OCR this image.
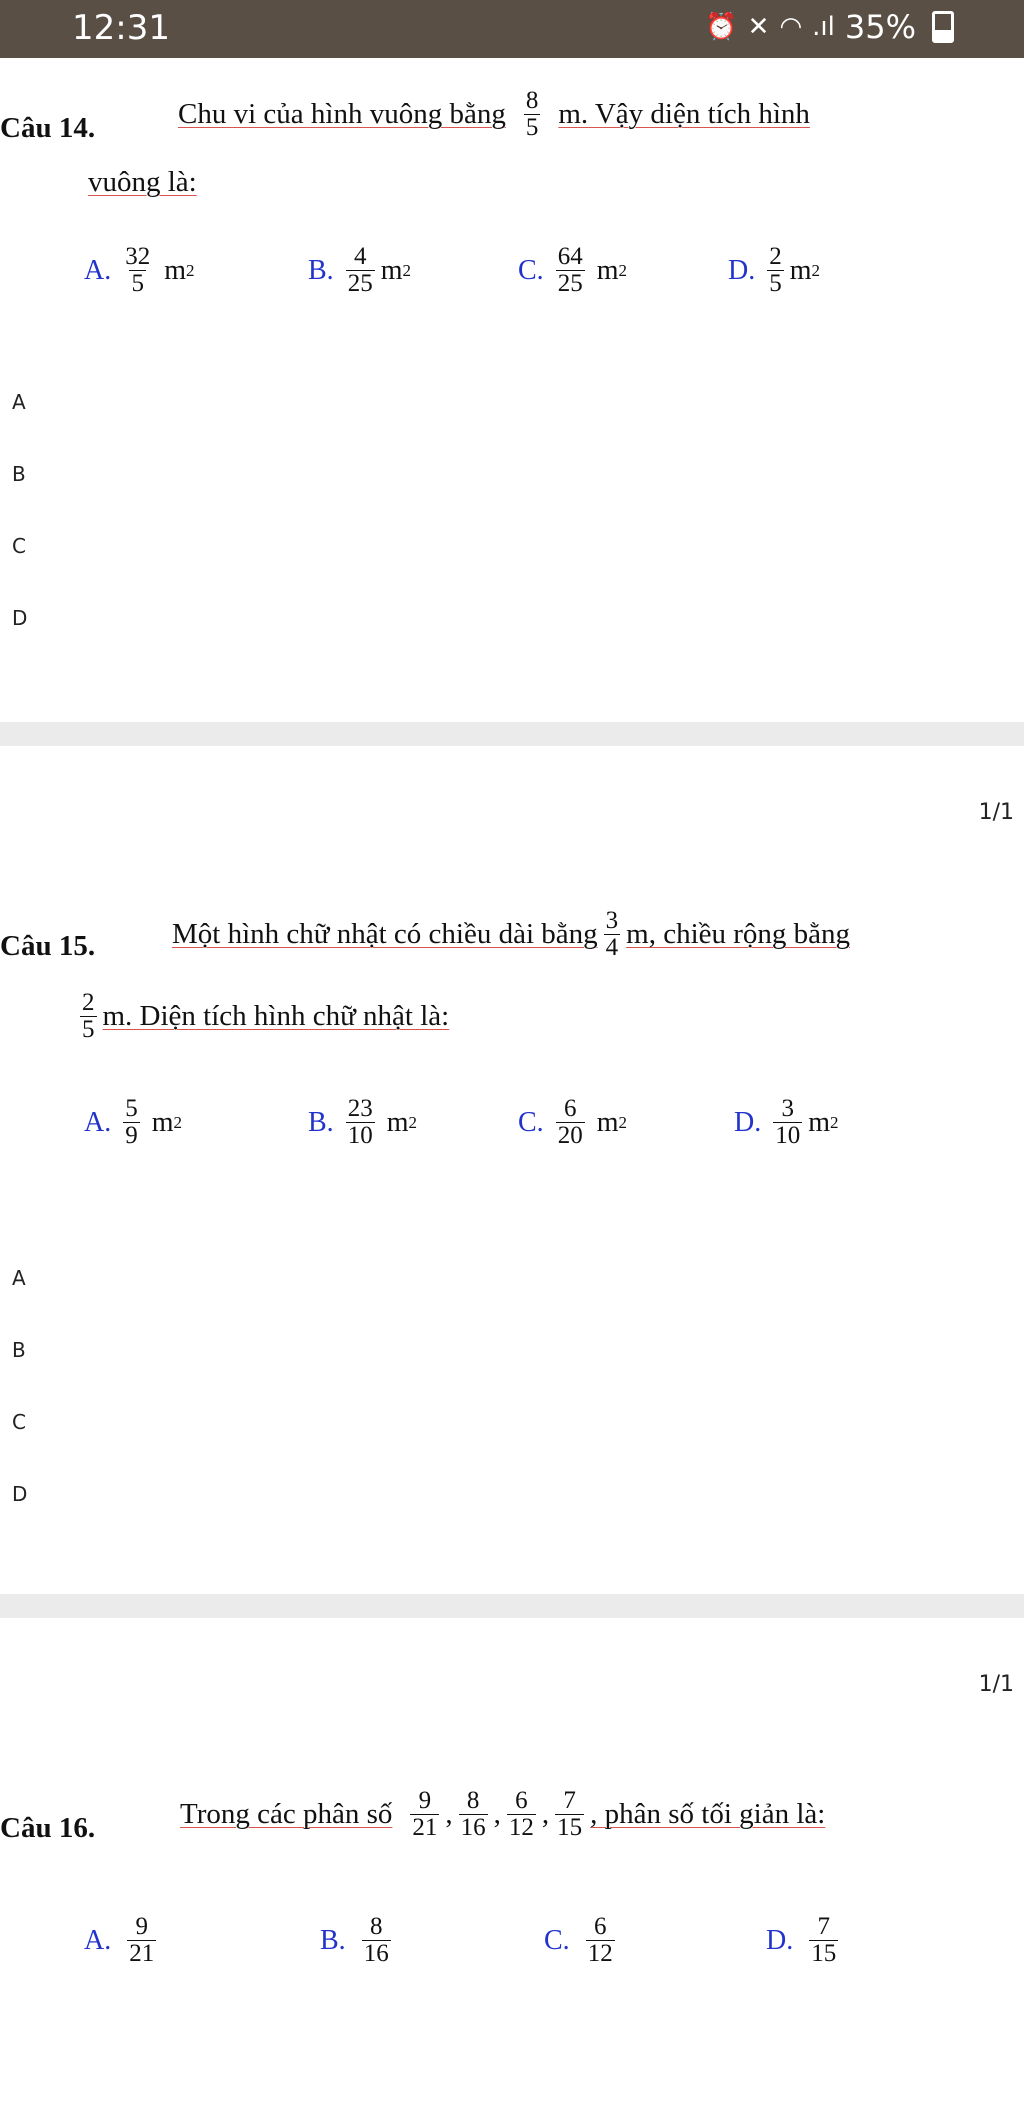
12:31	⏰ ✕ ◠ .ıl 35%
Câu 14.	Chu vi của hình vuông bằng $\frac{8}{5} m$. Vậy diện tích hình
vuông là:
A. $\frac{32}{5}$ m 2	B. $\frac{4}{25}$ m 2	C. $\frac{64}{25}$ m 2	D. $\frac{2}{5}$ m 2
A
B
C
D
1/1
Câu 15.	Một hình chữ nhật có chiều dài bằng $\frac{3}{4} m$, chiều rộng bằng
$\frac{2}{5} m$. Diện tích hình chữ nhật là:
A. $\frac{5}{9}$ m 2	B. $\frac{23}{10}$ m 2	C. $\frac{6}{20}$ m 2	D. $\frac{3}{10}$ m 2
A
B
C
D
1/1
Câu 16.	Trong các phân số $\frac{9}{21}$ , $\frac{8}{16}$ , $\frac{6}{12}$ , $\frac{7}{15}$ , phân số tối giản là:
A. $\frac{9}{21}$	B. $\frac{8}{16}$	C. $\frac{6}{12}$	D. $\frac{7}{15}$
